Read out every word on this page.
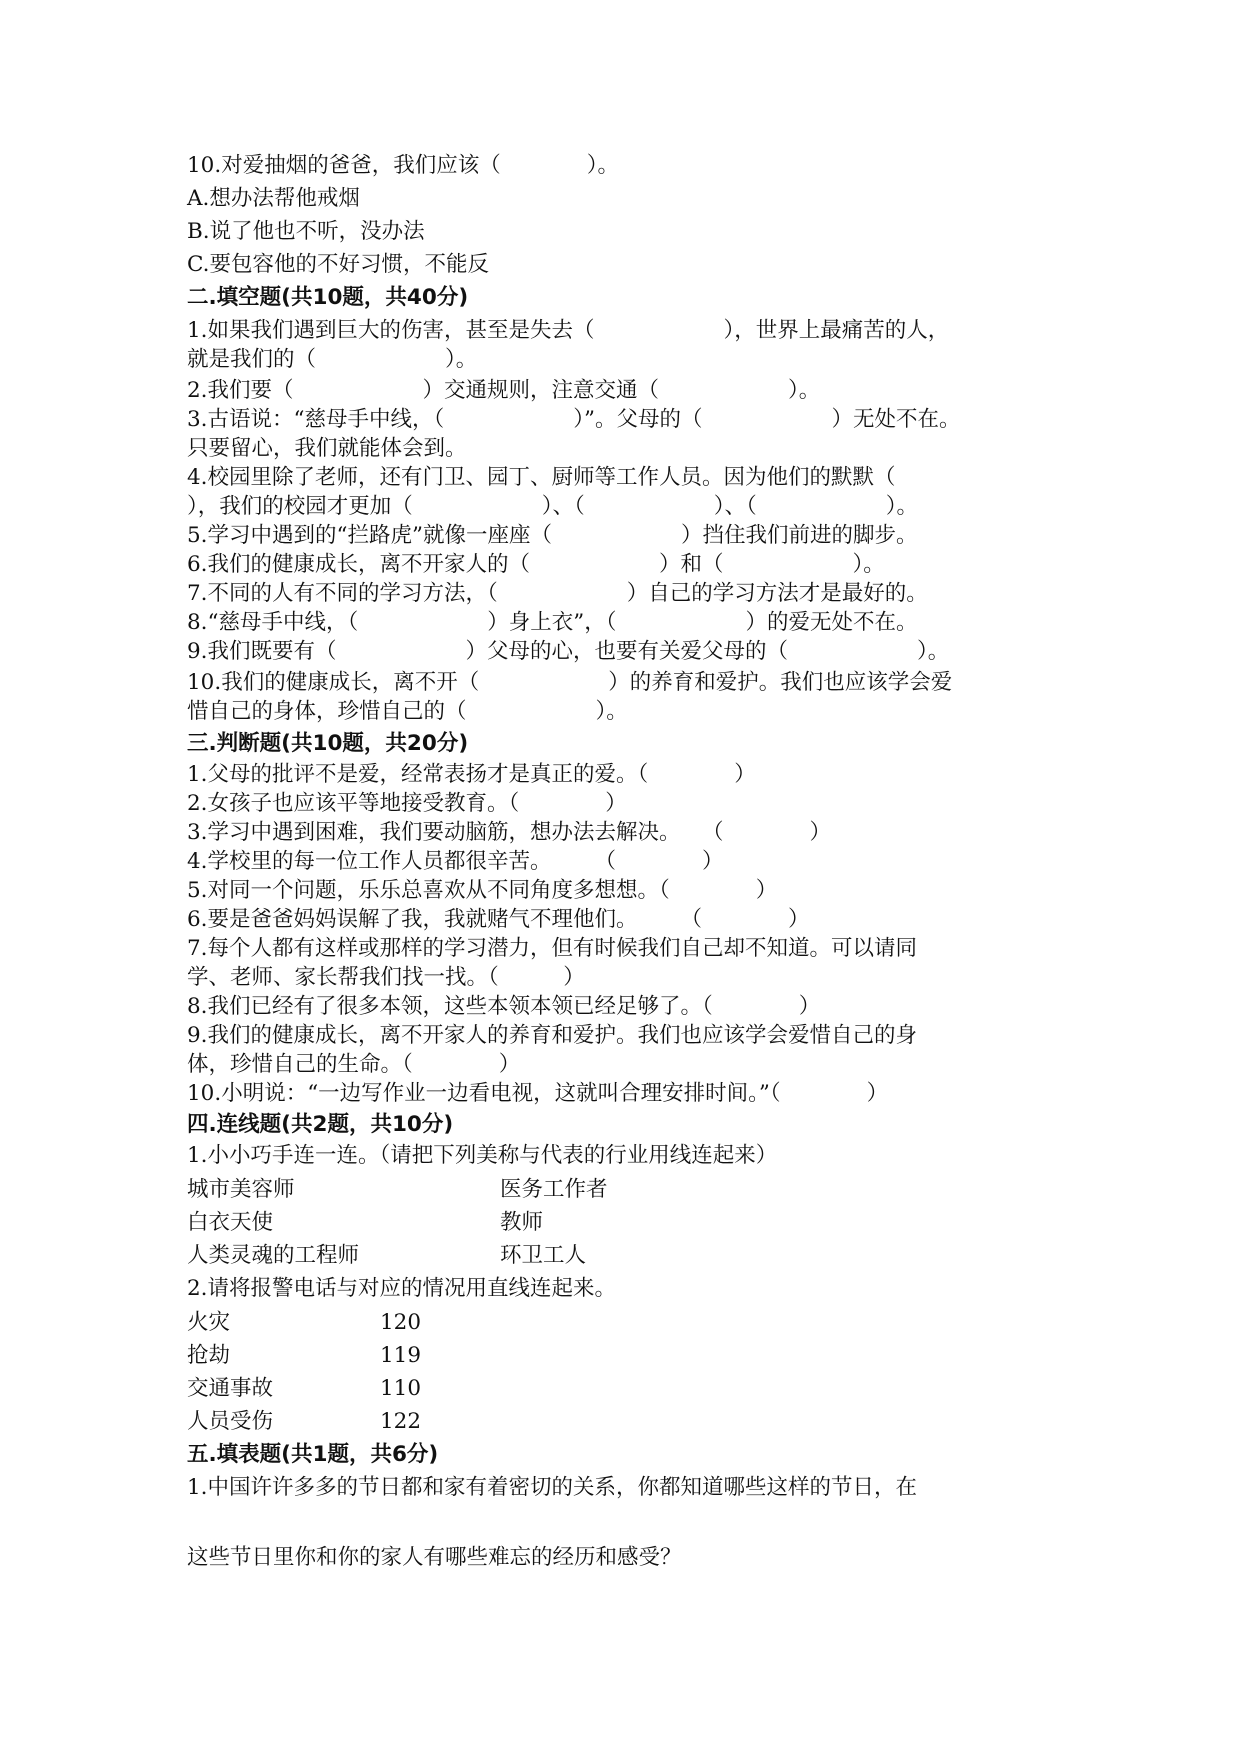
10.对爱抽烟的爸爸，我们应该（　　　　）。
A.想办法帮他戒烟
B.说了他也不听，没办法
C.要包容他的不好习惯，不能反
二.填空题(共10题，共40分)
1.如果我们遇到巨大的伤害，甚至是失去（　　　　　　），世界上最痛苦的人，
就是我们的（　　　　　　）。
2.我们要（　　　　　　）交通规则，注意交通（　　　　　　）。
3.古语说：“慈母手中线，（　　　　　　）”。父母的（　　　　　　）无处不在。
只要留心，我们就能体会到。
4.校园里除了老师，还有门卫、园丁、厨师等工作人员。因为他们的默默（
），我们的校园才更加（　　　　　　）、（　　　　　　）、（　　　　　　）。
5.学习中遇到的“拦路虎”就像一座座（　　　　　　）挡住我们前进的脚步。
6.我们的健康成长，离不开家人的（　　　　　　）和（　　　　　　）。
7.不同的人有不同的学习方法，（　　　　　　）自己的学习方法才是最好的。
8.“慈母手中线，（　　　　　　）身上衣”，（　　　　　　）的爱无处不在。
9.我们既要有（　　　　　　）父母的心，也要有关爱父母的（　　　　　　）。
10.我们的健康成长，离不开（　　　　　　）的养育和爱护。我们也应该学会爱
惜自己的身体，珍惜自己的（　　　　　　）。
三.判断题(共10题，共20分)
1.父母的批评不是爱，经常表扬才是真正的爱。（　　　　）
2.女孩子也应该平等地接受教育。（　　　　）
3.学习中遇到困难，我们要动脑筋，想办法去解决。　　（　　　　）
4.学校里的每一位工作人员都很辛苦。　　　（　　　　）
5.对同一个问题，乐乐总喜欢从不同角度多想想。（　　　　）
6.要是爸爸妈妈误解了我，我就赌气不理他们。　　　（　　　　）
7.每个人都有这样或那样的学习潜力，但有时候我们自己却不知道。可以请同
学、老师、家长帮我们找一找。（　　　）
8.我们已经有了很多本领，这些本领本领已经足够了。（　　　　）
9.我们的健康成长，离不开家人的养育和爱护。我们也应该学会爱惜自己的身
体，珍惜自己的生命。（　　　　）
10.小明说：“一边写作业一边看电视，这就叫合理安排时间。”（　　　　）
四.连线题(共2题，共10分)
1.小小巧手连一连。（请把下列美称与代表的行业用线连起来）
城市美容师	医务工作者
白衣天使	教师
人类灵魂的工程师	环卫工人
2.请将报警电话与对应的情况用直线连起来。
火灾	120
抢劫	119
交通事故	110
人员受伤	122
五.填表题(共1题，共6分)
1.中国许许多多的节日都和家有着密切的关系，你都知道哪些这样的节日，在
这些节日里你和你的家人有哪些难忘的经历和感受？
